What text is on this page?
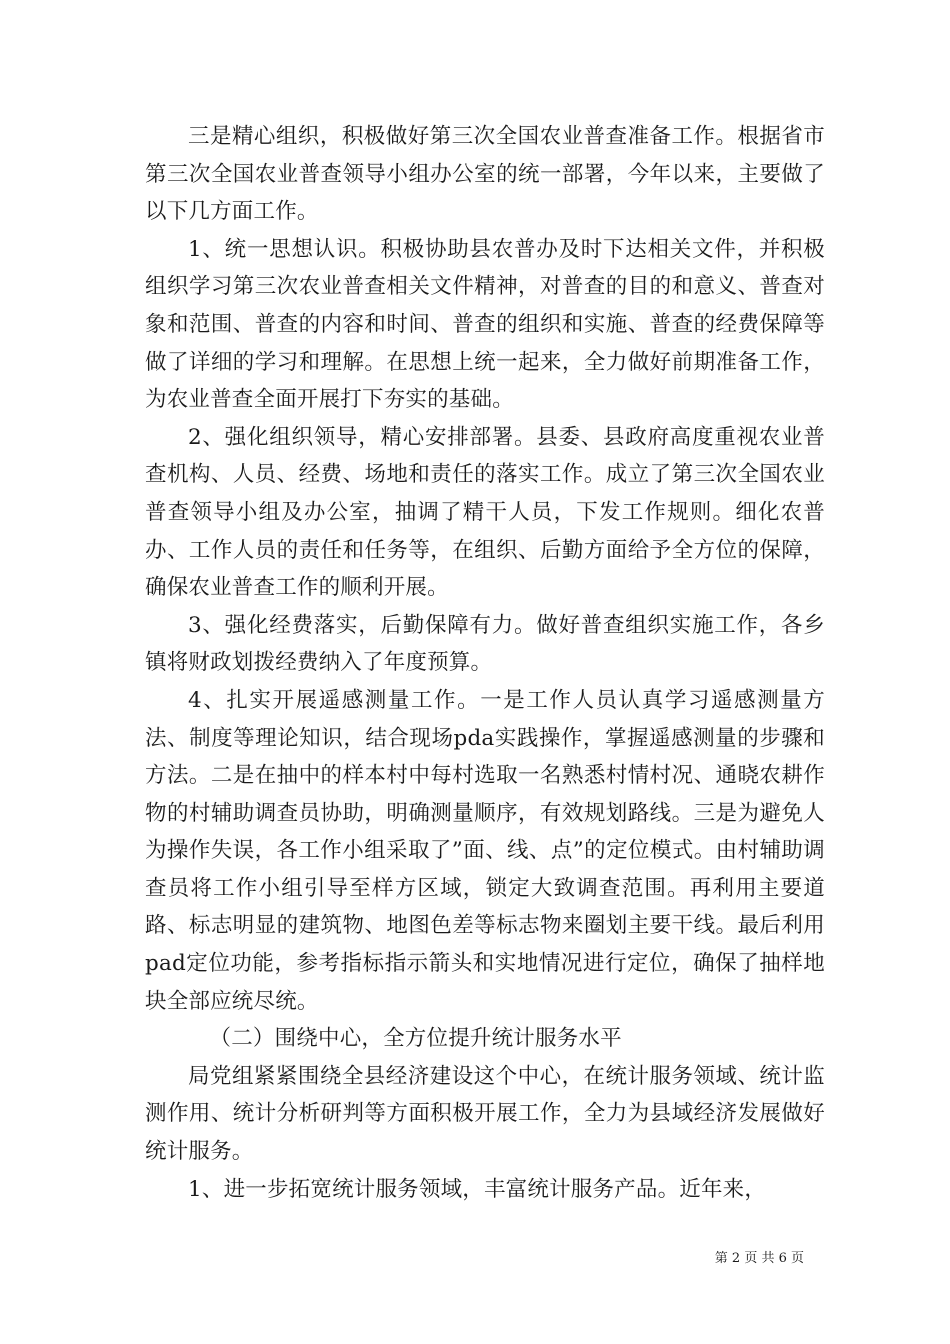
三是精心组织，积极做好第三次全国农业普查准备工作。根据省市第三次全国农业普查领导小组办公室的统一部署，今年以来，主要做了以下几方面工作。

1、统一思想认识。积极协助县农普办及时下达相关文件，并积极组织学习第三次农业普查相关文件精神，对普查的目的和意义、普查对象和范围、普查的内容和时间、普查的组织和实施、普查的经费保障等做了详细的学习和理解。在思想上统一起来，全力做好前期准备工作，为农业普查全面开展打下夯实的基础。

2、强化组织领导，精心安排部署。县委、县政府高度重视农业普查机构、人员、经费、场地和责任的落实工作。成立了第三次全国农业普查领导小组及办公室，抽调了精干人员，下发工作规则。细化农普办、工作人员的责任和任务等，在组织、后勤方面给予全方位的保障，确保农业普查工作的顺利开展。

3、强化经费落实，后勤保障有力。做好普查组织实施工作，各乡镇将财政划拨经费纳入了年度预算。

4、扎实开展遥感测量工作。一是工作人员认真学习遥感测量方法、制度等理论知识，结合现场pda实践操作，掌握遥感测量的步骤和方法。二是在抽中的样本村中每村选取一名熟悉村情村况、通晓农耕作物的村辅助调查员协助，明确测量顺序，有效规划路线。三是为避免人为操作失误，各工作小组采取了”面、线、点”的定位模式。由村辅助调查员将工作小组引导至样方区域，锁定大致调查范围。再利用主要道路、标志明显的建筑物、地图色差等标志物来圈划主要干线。最后利用pad定位功能，参考指标指示箭头和实地情况进行定位，确保了抽样地块全部应统尽统。

（二）围绕中心，全方位提升统计服务水平

局党组紧紧围绕全县经济建设这个中心，在统计服务领域、统计监测作用、统计分析研判等方面积极开展工作，全力为县域经济发展做好统计服务。

1、进一步拓宽统计服务领域，丰富统计服务产品。近年来，

第 2 页 共 6 页
